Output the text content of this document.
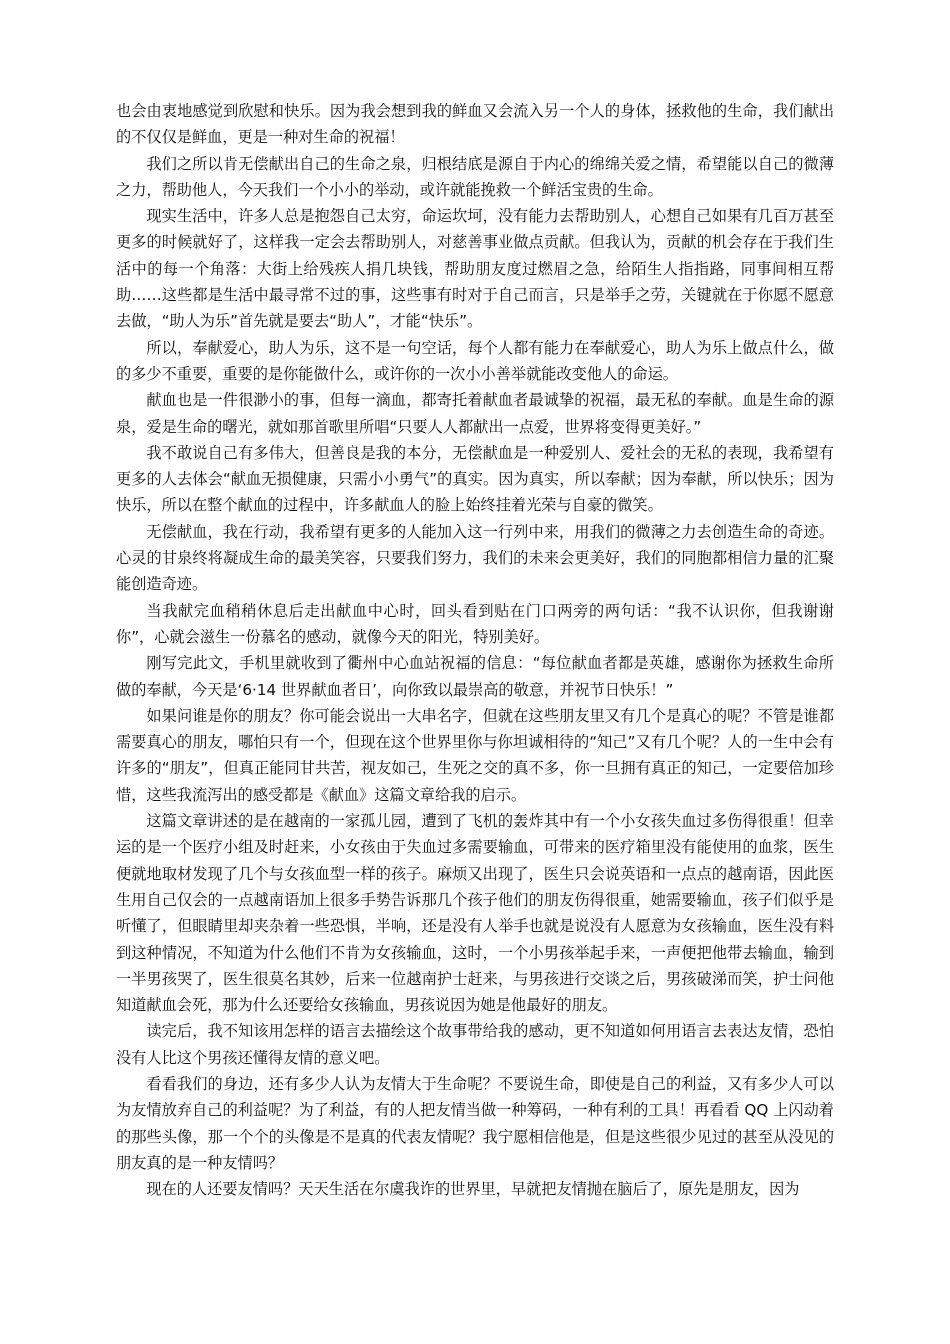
也会由衷地感觉到欣慰和快乐。因为我会想到我的鲜血又会流入另一个人的身体，拯救他的生命，我们献出的不仅仅是鲜血，更是一种对生命的祝福！

我们之所以肯无偿献出自己的生命之泉，归根结底是源自于内心的绵绵关爱之情，希望能以自己的微薄之力，帮助他人，今天我们一个小小的举动，或许就能挽救一个鲜活宝贵的生命。

现实生活中，许多人总是抱怨自己太穷，命运坎坷，没有能力去帮助别人，心想自己如果有几百万甚至更多的时候就好了，这样我一定会去帮助别人，对慈善事业做点贡献。但我认为，贡献的机会存在于我们生活中的每一个角落：大街上给残疾人捐几块钱，帮助朋友度过燃眉之急，给陌生人指指路，同事间相互帮助……这些都是生活中最寻常不过的事，这些事有时对于自己而言，只是举手之劳，关键就在于你愿不愿意去做，“助人为乐”首先就是要去“助人”，才能“快乐”。

所以，奉献爱心，助人为乐，这不是一句空话，每个人都有能力在奉献爱心，助人为乐上做点什么，做的多少不重要，重要的是你能做什么，或许你的一次小小善举就能改变他人的命运。

献血也是一件很渺小的事，但每一滴血，都寄托着献血者最诚挚的祝福，最无私的奉献。血是生命的源泉，爱是生命的曙光，就如那首歌里所唱“只要人人都献出一点爱，世界将变得更美好。”

我不敢说自己有多伟大，但善良是我的本分，无偿献血是一种爱别人、爱社会的无私的表现，我希望有更多的人去体会“献血无损健康，只需小小勇气”的真实。因为真实，所以奉献；因为奉献，所以快乐；因为快乐，所以在整个献血的过程中，许多献血人的脸上始终挂着光荣与自豪的微笑。

无偿献血，我在行动，我希望有更多的人能加入这一行列中来，用我们的微薄之力去创造生命的奇迹。心灵的甘泉终将凝成生命的最美笑容，只要我们努力，我们的未来会更美好，我们的同胞都相信力量的汇聚能创造奇迹。

当我献完血稍稍休息后走出献血中心时，回头看到贴在门口两旁的两句话：“我不认识你，但我谢谢你”，心就会滋生一份慕名的感动，就像今天的阳光，特别美好。

刚写完此文，手机里就收到了衢州中心血站祝福的信息：“每位献血者都是英雄，感谢你为拯救生命所做的奉献，今天是‘6·14 世界献血者日’，向你致以最崇高的敬意，并祝节日快乐！”

如果问谁是你的朋友？你可能会说出一大串名字，但就在这些朋友里又有几个是真心的呢？不管是谁都需要真心的朋友，哪怕只有一个，但现在这个世界里你与你坦诚相待的“知己”又有几个呢？人的一生中会有许多的“朋友”，但真正能同甘共苦，视友如己，生死之交的真不多，你一旦拥有真正的知己，一定要倍加珍惜，这些我流泻出的感受都是《献血》这篇文章给我的启示。

这篇文章讲述的是在越南的一家孤儿园，遭到了飞机的轰炸其中有一个小女孩失血过多伤得很重！但幸运的是一个医疗小组及时赶来，小女孩由于失血过多需要输血，可带来的医疗箱里没有能使用的血浆，医生便就地取材发现了几个与女孩血型一样的孩子。麻烦又出现了，医生只会说英语和一点点的越南语，因此医生用自己仅会的一点越南语加上很多手势告诉那几个孩子他们的朋友伤得很重，她需要输血，孩子们似乎是听懂了，但眼睛里却夹杂着一些恐惧，半响，还是没有人举手也就是说没有人愿意为女孩输血，医生没有料到这种情况，不知道为什么他们不肯为女孩输血，这时，一个小男孩举起手来，一声便把他带去输血，输到一半男孩哭了，医生很莫名其妙，后来一位越南护士赶来，与男孩进行交谈之后，男孩破涕而笑，护士问他知道献血会死，那为什么还要给女孩输血，男孩说因为她是他最好的朋友。

读完后，我不知该用怎样的语言去描绘这个故事带给我的感动，更不知道如何用语言去表达友情，恐怕没有人比这个男孩还懂得友情的意义吧。

看看我们的身边，还有多少人认为友情大于生命呢？不要说生命，即使是自己的利益，又有多少人可以为友情放弃自己的利益呢？为了利益，有的人把友情当做一种筹码，一种有利的工具！再看看 QQ 上闪动着的那些头像，那一个个的头像是不是真的代表友情呢？我宁愿相信他是，但是这些很少见过的甚至从没见的朋友真的是一种友情吗？

现在的人还要友情吗？天天生活在尔虞我诈的世界里，早就把友情抛在脑后了，原先是朋友，因为
